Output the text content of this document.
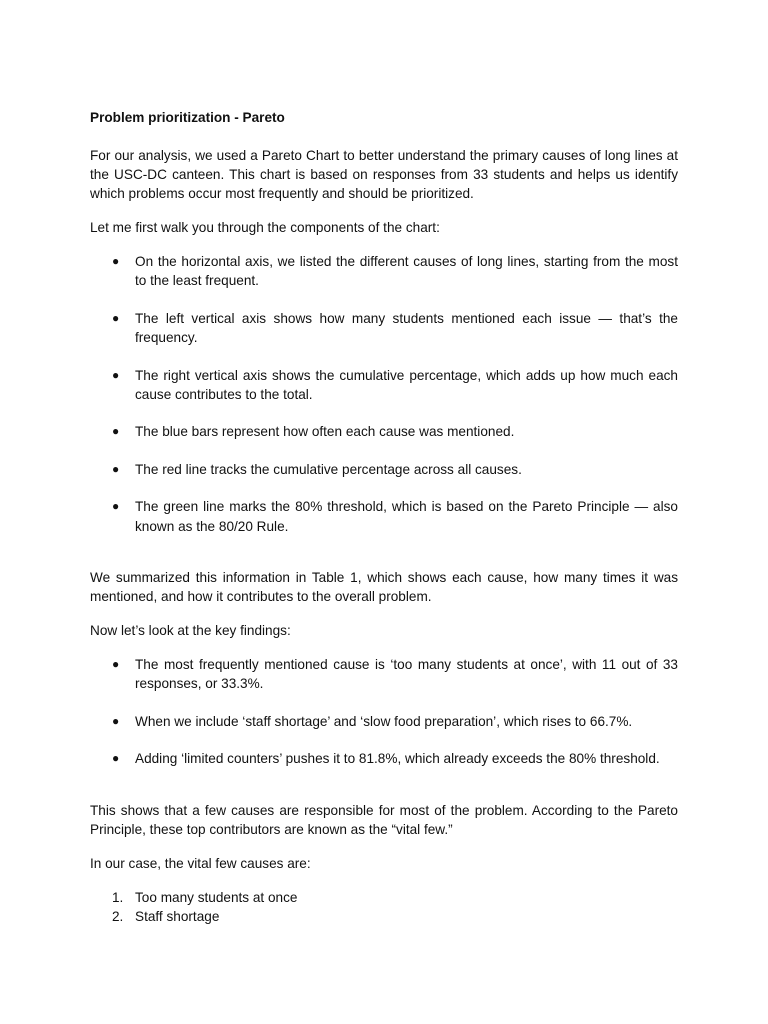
Problem prioritization - Pareto

For our analysis, we used a Pareto Chart to better understand the primary causes of long lines at the USC-DC canteen. This chart is based on responses from 33 students and helps us identify which problems occur most frequently and should be prioritized.

Let me first walk you through the components of the chart:

● On the horizontal axis, we listed the different causes of long lines, starting from the most to the least frequent.
● The left vertical axis shows how many students mentioned each issue — that’s the frequency.
● The right vertical axis shows the cumulative percentage, which adds up how much each cause contributes to the total.
● The blue bars represent how often each cause was mentioned.
● The red line tracks the cumulative percentage across all causes.
● The green line marks the 80% threshold, which is based on the Pareto Principle — also known as the 80/20 Rule.

We summarized this information in Table 1, which shows each cause, how many times it was mentioned, and how it contributes to the overall problem.

Now let’s look at the key findings:

● The most frequently mentioned cause is ‘too many students at once’, with 11 out of 33 responses, or 33.3%.
● When we include ‘staff shortage’ and ‘slow food preparation’, which rises to 66.7%.
● Adding ‘limited counters’ pushes it to 81.8%, which already exceeds the 80% threshold.

This shows that a few causes are responsible for most of the problem. According to the Pareto Principle, these top contributors are known as the “vital few.”

In our case, the vital few causes are:

1. Too many students at once
2. Staff shortage
